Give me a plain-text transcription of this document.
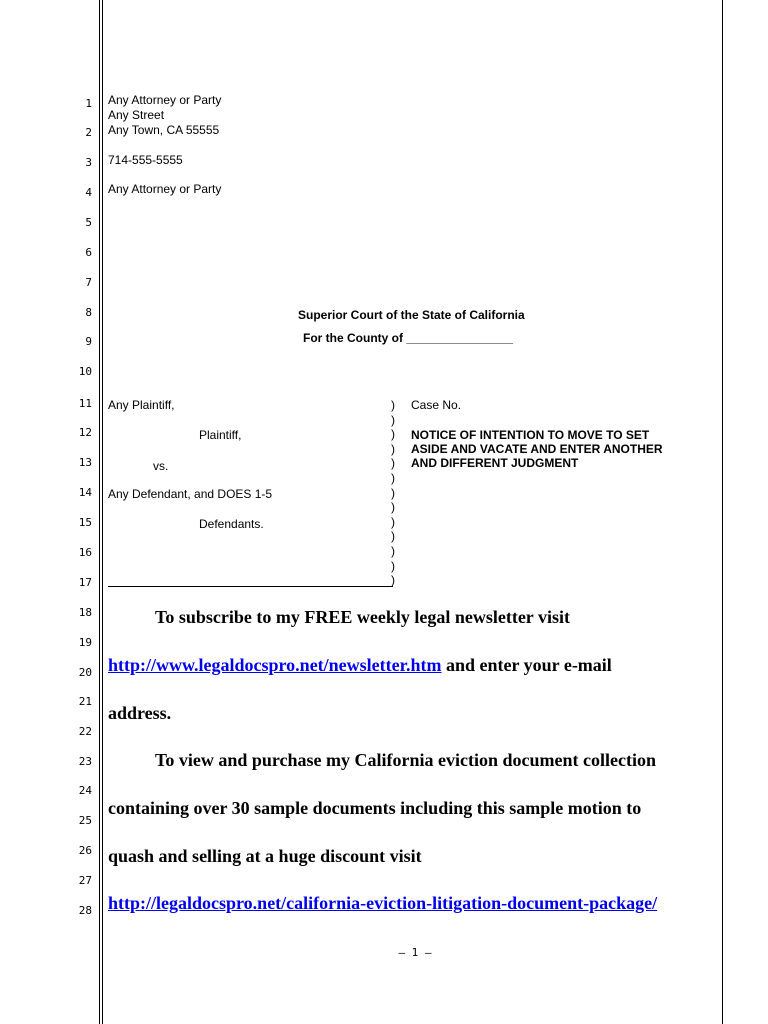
1
2
3
4
5
6
7
8
9
10
11
12
13
14
15
16
17
18
19
20
21
22
23
24
25
26
27
28
Any Attorney or Party
Any Street
Any Town, CA 55555
714-555-5555
Any Attorney or Party
Superior Court of the State of California
For the County of ________________
Any Plaintiff,
Plaintiff,
vs.
Any Defendant, and DOES 1-5
Defendants.
)
)
)
)
)
)
)
)
)
)
)
)
)
Case No.
NOTICE OF INTENTION TO MOVE TO SET
ASIDE AND VACATE AND ENTER ANOTHER
AND DIFFERENT JUDGMENT
To subscribe to my FREE weekly legal newsletter visit
http://www.legaldocspro.net/newsletter.htm and enter your e-mail
address.
To view and purchase my California eviction document collection
containing over 30 sample documents including this sample motion to
quash and selling at a huge discount visit
http://legaldocspro.net/california-eviction-litigation-document-package/
– 1 –
